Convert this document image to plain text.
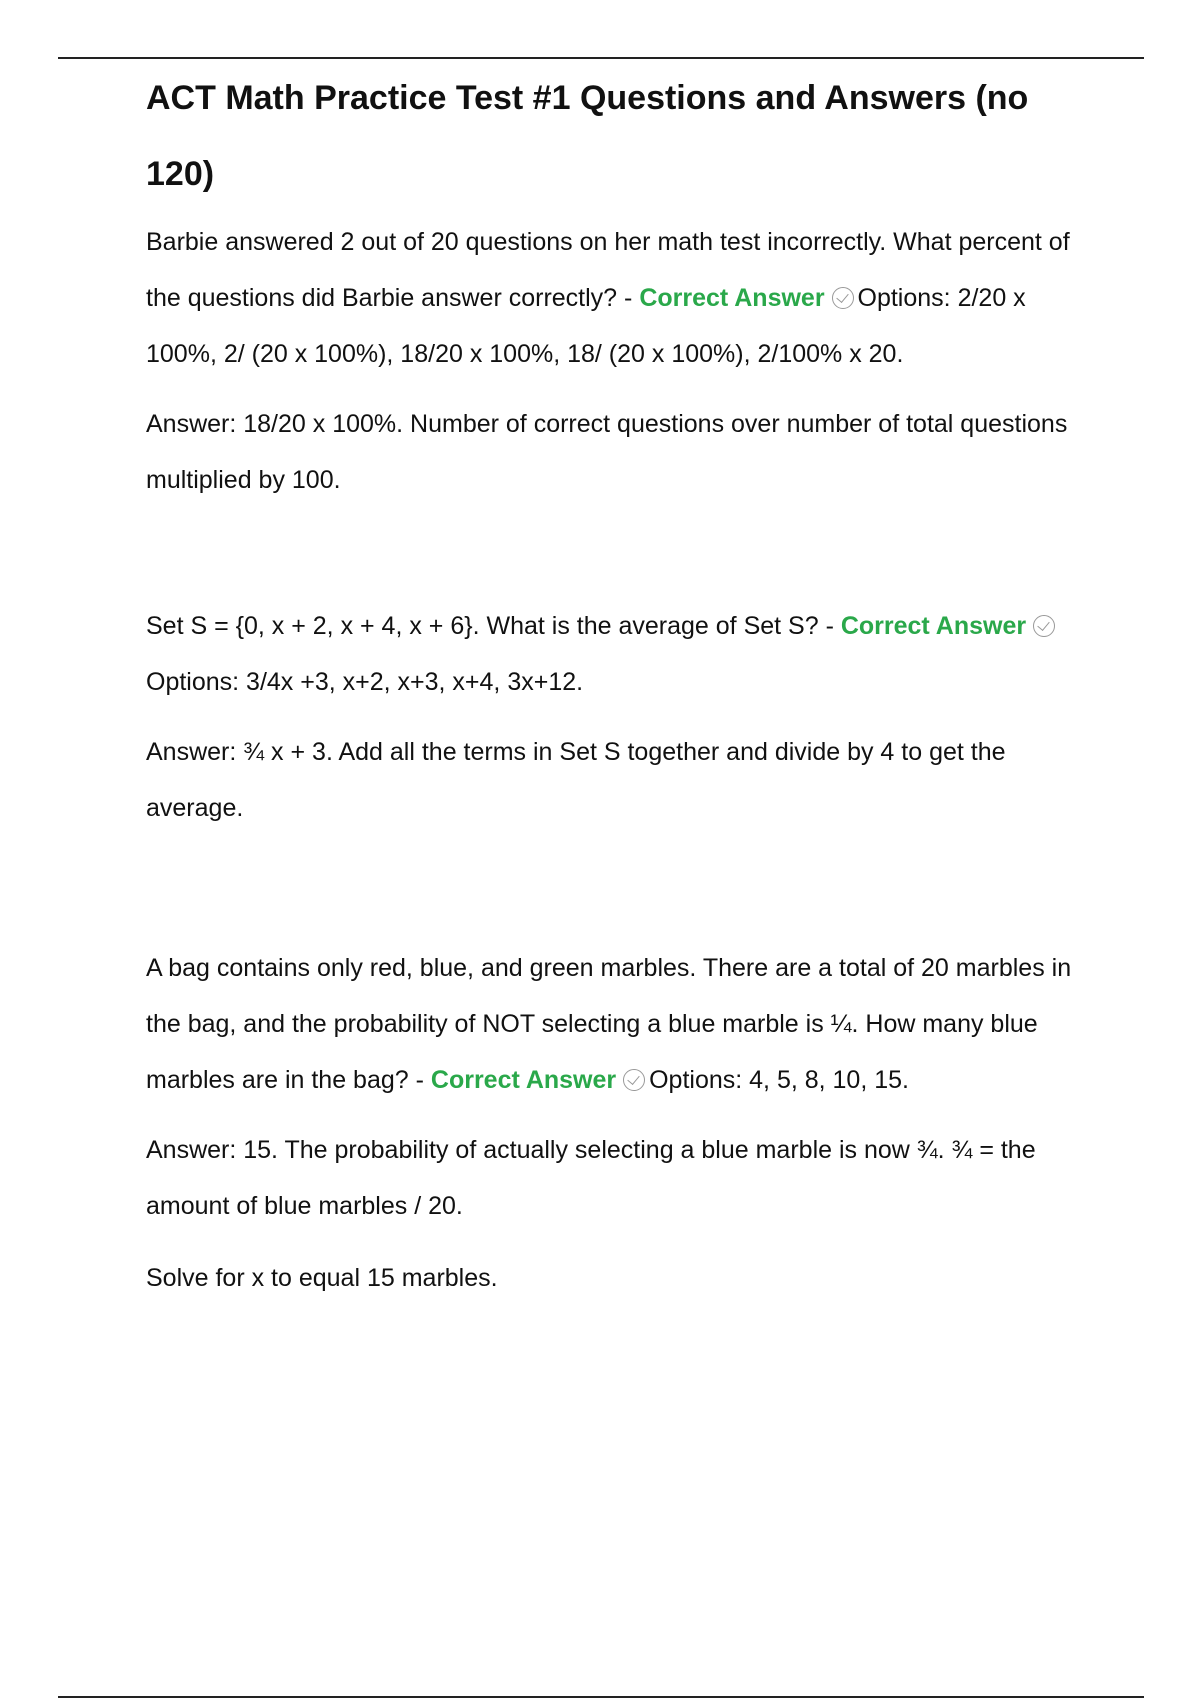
ACT Math Practice Test #1 Questions and Answers (no 120)

Barbie answered 2 out of 20 questions on her math test incorrectly. What percent of the questions did Barbie answer correctly? - Correct Answer Options: 2/20 x 100%, 2/ (20 x 100%), 18/20 x 100%, 18/ (20 x 100%), 2/100% x 20.

Answer: 18/20 x 100%. Number of correct questions over number of total questions multiplied by 100.

Set S = {0, x + 2, x + 4, x + 6}. What is the average of Set S? - Correct Answer Options: 3/4x +3, x+2, x+3, x+4, 3x+12.

Answer: ¾ x + 3. Add all the terms in Set S together and divide by 4 to get the average.

A bag contains only red, blue, and green marbles. There are a total of 20 marbles in the bag, and the probability of NOT selecting a blue marble is ¼. How many blue marbles are in the bag? - Correct Answer Options: 4, 5, 8, 10, 15.

Answer: 15. The probability of actually selecting a blue marble is now ¾. ¾ = the amount of blue marbles / 20.

Solve for x to equal 15 marbles.
